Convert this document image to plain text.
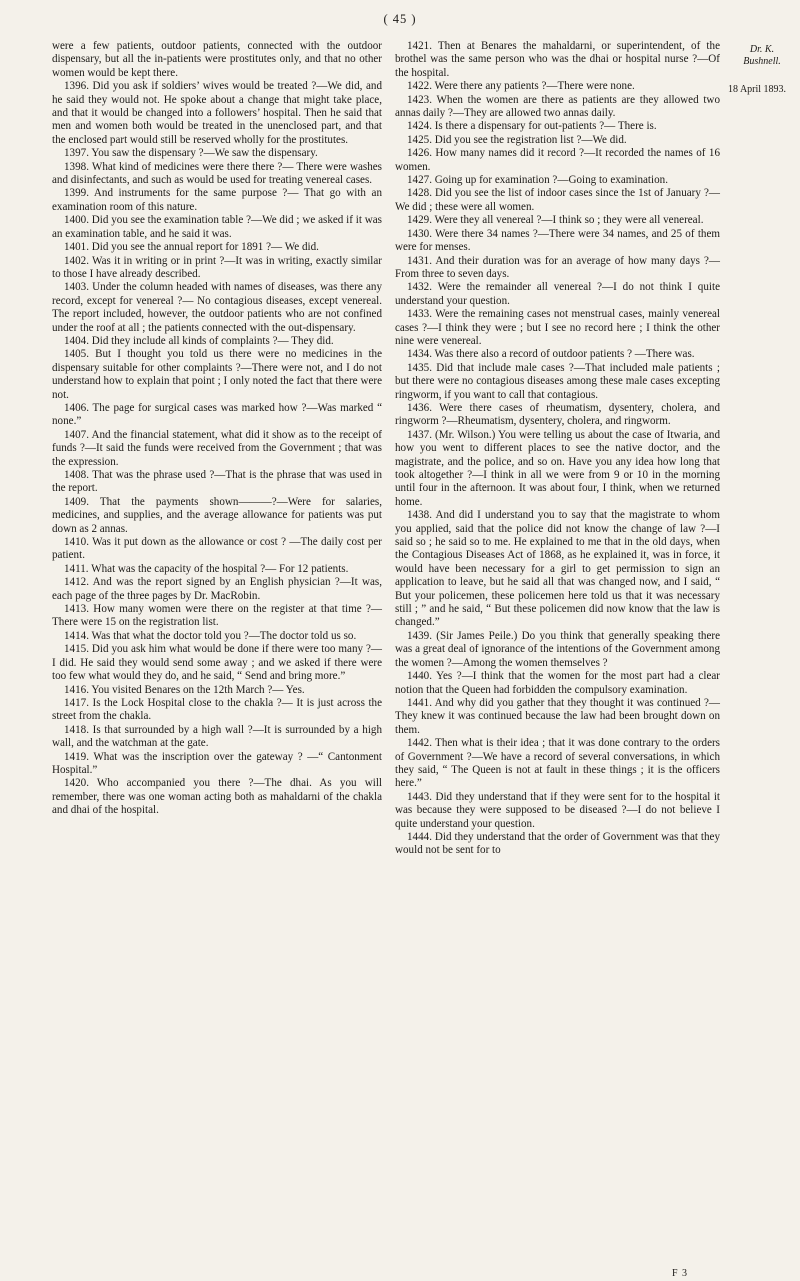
( 45 )

were a few patients, outdoor patients, connected with the outdoor dispensary, but all the in-patients were prostitutes only, and that no other women would be kept there.

1396. Did you ask if soldiers’ wives would be treated ?—We did, and he said they would not. He spoke about a change that might take place, and that it would be changed into a followers’ hospital. Then he said that men and women both would be treated in the unenclosed part, and that the enclosed part would still be reserved wholly for the prostitutes.

1397. You saw the dispensary ?—We saw the dispensary.

1398. What kind of medicines were there there ?— There were washes and disinfectants, and such as would be used for treating venereal cases.

1399. And instruments for the same purpose ?— That go with an examination room of this nature.

1400. Did you see the examination table ?—We did ; we asked if it was an examination table, and he said it was.

1401. Did you see the annual report for 1891 ?— We did.

1402. Was it in writing or in print ?—It was in writing, exactly similar to those I have already described.

1403. Under the column headed with names of diseases, was there any record, except for venereal ?— No contagious diseases, except venereal. The report included, however, the outdoor patients who are not confined under the roof at all ; the patients connected with the out-dispensary.

1404. Did they include all kinds of complaints ?— They did.

1405. But I thought you told us there were no medicines in the dispensary suitable for other complaints ?—There were not, and I do not understand how to explain that point ; I only noted the fact that there were not.

1406. The page for surgical cases was marked how ?—Was marked “ none.”

1407. And the financial statement, what did it show as to the receipt of funds ?—It said the funds were received from the Government ; that was the expression.

1408. That was the phrase used ?—That is the phrase that was used in the report.

1409. That the payments shown———?—Were for salaries, medicines, and supplies, and the average allowance for patients was put down as 2 annas.

1410. Was it put down as the allowance or cost ? —The daily cost per patient.

1411. What was the capacity of the hospital ?— For 12 patients.

1412. And was the report signed by an English physician ?—It was, each page of the three pages by Dr. MacRobin.

1413. How many women were there on the register at that time ?—There were 15 on the registration list.

1414. Was that what the doctor told you ?—The doctor told us so.

1415. Did you ask him what would be done if there were too many ?—I did. He said they would send some away ; and we asked if there were too few what would they do, and he said, “ Send and bring more.”

1416. You visited Benares on the 12th March ?— Yes.

1417. Is the Lock Hospital close to the chakla ?— It is just across the street from the chakla.

1418. Is that surrounded by a high wall ?—It is surrounded by a high wall, and the watchman at the gate.

1419. What was the inscription over the gateway ? —“ Cantonment Hospital.”

1420. Who accompanied you there ?—The dhai. As you will remember, there was one woman acting both as mahaldarni of the chakla and dhai of the hospital.

1421. Then at Benares the mahaldarni, or superintendent, of the brothel was the same person who was the dhai or hospital nurse ?—Of the hospital.

1422. Were there any patients ?—There were none.

1423. When the women are there as patients are they allowed two annas daily ?—They are allowed two annas daily.

1424. Is there a dispensary for out-patients ?— There is.

1425. Did you see the registration list ?—We did.

1426. How many names did it record ?—It recorded the names of 16 women.

1427. Going up for examination ?—Going to examination.

1428. Did you see the list of indoor cases since the 1st of January ?—We did ; these were all women.

1429. Were they all venereal ?—I think so ; they were all venereal.

1430. Were there 34 names ?—There were 34 names, and 25 of them were for menses.

1431. And their duration was for an average of how many days ?—From three to seven days.

1432. Were the remainder all venereal ?—I do not think I quite understand your question.

1433. Were the remaining cases not menstrual cases, mainly venereal cases ?—I think they were ; but I see no record here ; I think the other nine were venereal.

1434. Was there also a record of outdoor patients ? —There was.

1435. Did that include male cases ?—That included male patients ; but there were no contagious diseases among these male cases excepting ringworm, if you want to call that contagious.

1436. Were there cases of rheumatism, dysentery, cholera, and ringworm ?—Rheumatism, dysentery, cholera, and ringworm.

1437. (Mr. Wilson.) You were telling us about the case of Itwaria, and how you went to different places to see the native doctor, and the magistrate, and the police, and so on. Have you any idea how long that took altogether ?—I think in all we were from 9 or 10 in the morning until four in the afternoon. It was about four, I think, when we returned home.

1438. And did I understand you to say that the magistrate to whom you applied, said that the police did not know the change of law ?—I said so ; he said so to me. He explained to me that in the old days, when the Contagious Diseases Act of 1868, as he explained it, was in force, it would have been necessary for a girl to get permission to sign an application to leave, but he said all that was changed now, and I said, “ But your policemen, these policemen here told us that it was necessary still ; ” and he said, “ But these policemen did now know that the law is changed.”

1439. (Sir James Peile.) Do you think that generally speaking there was a great deal of ignorance of the intentions of the Government among the women ?—Among the women themselves ?

1440. Yes ?—I think that the women for the most part had a clear notion that the Queen had forbidden the compulsory examination.

1441. And why did you gather that they thought it was continued ?—They knew it was continued because the law had been brought down on them.

1442. Then what is their idea ; that it was done contrary to the orders of Government ?—We have a record of several conversations, in which they said, “ The Queen is not at fault in these things ; it is the officers here.”

1443. Did they understand that if they were sent for to the hospital it was because they were supposed to be diseased ?—I do not believe I quite understand your question.

1444. Did they understand that the order of Government was that they would not be sent for to

Dr. K.
Bushnell.
18 April 1893.
F 3
